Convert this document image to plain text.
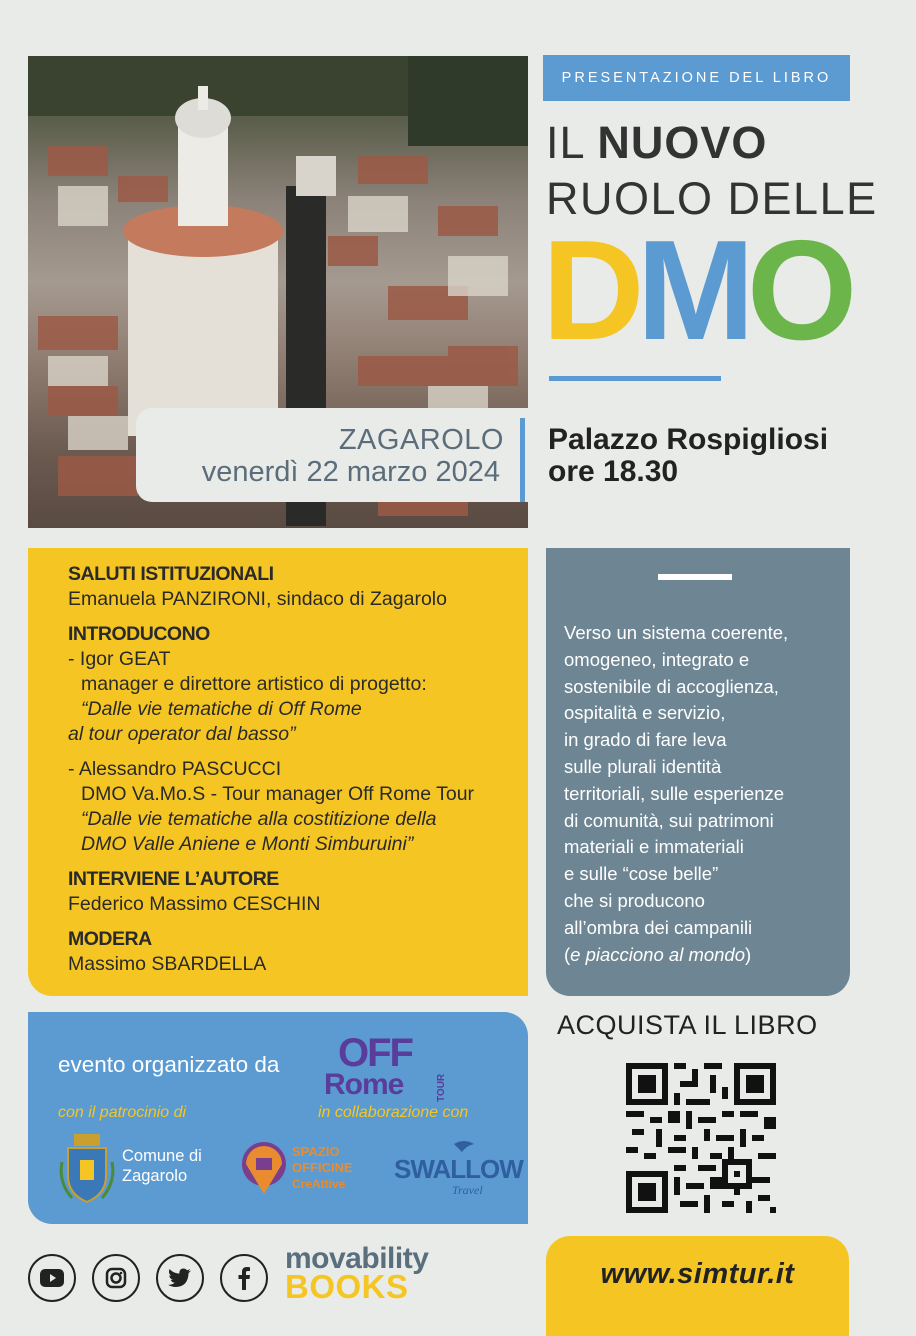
ZAGAROLO
venerdì 22 marzo 2024
PRESENTAZIONE DEL LIBRO
IL NUOVO
RUOLO DELLE
DMO
Palazzo Rospigliosi
ore 18.30
SALUTI ISTITUZIONALI
Emanuela PANZIRONI, sindaco di Zagarolo
INTRODUCONO
- Igor GEAT
manager e direttore artistico di progetto:
“Dalle vie tematiche di Off Rome
al tour operator dal basso”
- Alessandro PASCUCCI
DMO Va.Mo.S - Tour manager Off Rome Tour
“Dalle vie tematiche alla costitizione della
DMO Valle Aniene e Monti Simburuini”
INTERVIENE L’AUTORE
Federico Massimo CESCHIN
MODERA
Massimo SBARDELLA
Verso un sistema coerente,
omogeneo, integrato e
sostenibile di accoglienza,
ospitalità e servizio,
in grado di fare leva
sulle plurali identità
territoriali, sulle esperienze
di comunità, sui patrimoni
materiali e immateriali
e sulle “cose belle”
che si producono
all’ombra dei campanili
(e piacciono al mondo)
evento organizzato da OFF
Rome	TOUR
con il patrocinio di	in collaborazione con
Comune di
Zagarolo
SPAZIO
OFFICINE
CreAttive SWALLOW
Travel
ACQUISTA IL LIBRO
www.simtur.it
movability
BOOKS
